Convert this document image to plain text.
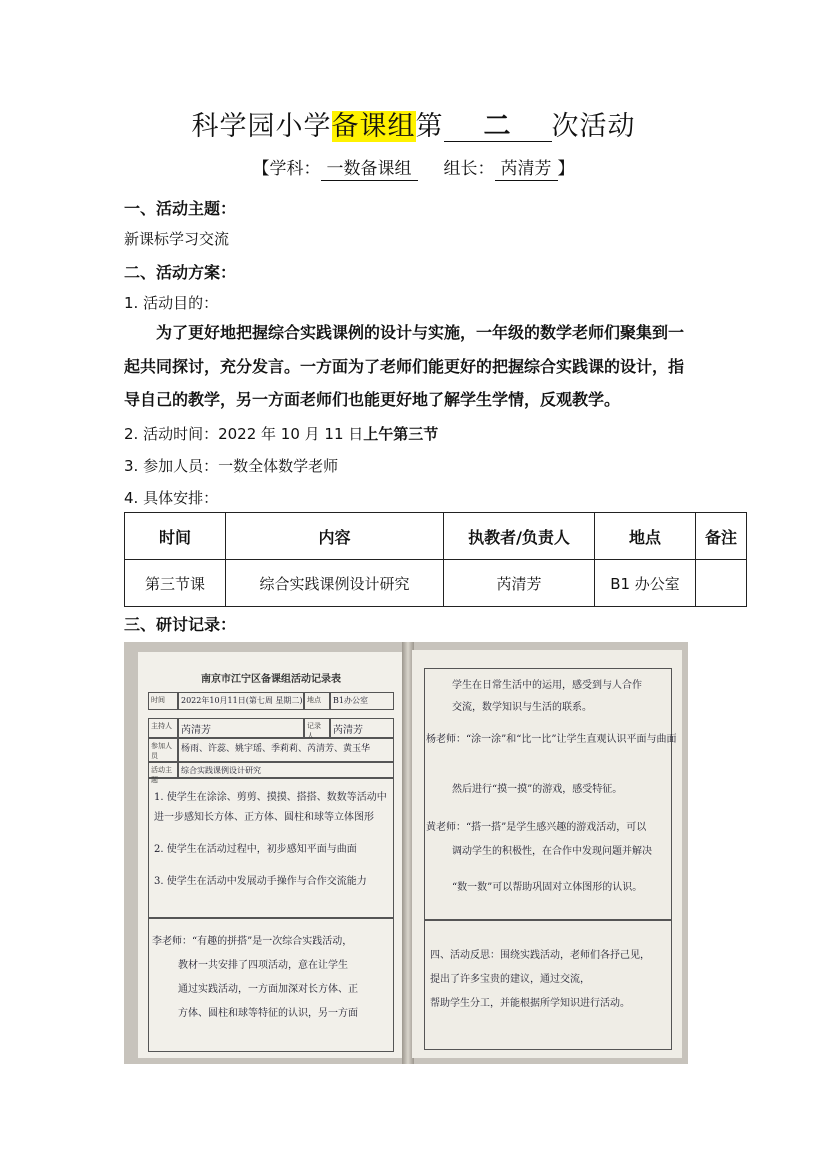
科学园小学备课组第 二 次活动
【学科： 一数备课组 组长： 芮清芳 】
一、活动主题：
新课标学习交流
二、活动方案：
1. 活动目的：

为了更好地把握综合实践课例的设计与实施，一年级的数学老师们聚集到一

起共同探讨，充分发言。一方面为了老师们能更好的把握综合实践课的设计，指

导自己的教学，另一方面老师们也能更好地了解学生学情，反观教学。

2. 活动时间：2022 年 10 月 11 日上午第三节
3. 参加人员：一数全体数学老师
4. 具体安排：
时间	内容	执教者/负责人	地点	备注
第三节课	综合实践课例设计研究	芮清芳	B1 办公室	
三、研讨记录：
南京市江宁区备课组活动记录表
时间	2022年10月11日(第七周 星期二) 地点	B1办公室
主持人 芮清芳	记录人	芮清芳
参加人员
杨雨、许蕊、姚宇瑶、季莉莉、芮清芳、黄玉华
活动主题
综合实践课例设计研究
1. 使学生在涂涂、剪剪、摸摸、搭搭、数数等活动中
进一步感知长方体、正方体、圆柱和球等立体图形
2. 使学生在活动过程中，初步感知平面与曲面
3. 使学生在活动中发展动手操作与合作交流能力
李老师：“有趣的拼搭”是一次综合实践活动，
教材一共安排了四项活动，意在让学生
通过实践活动，一方面加深对长方体、正
方体、圆柱和球等特征的认识，另一方面
学生在日常生活中的运用，感受到与人合作
交流，数学知识与生活的联系。
杨老师：“涂一涂”和“比一比”让学生直观认识平面与曲面
然后进行“摸一摸”的游戏，感受特征。
黄老师：“搭一搭”是学生感兴趣的游戏活动，可以
调动学生的积极性，在合作中发现问题并解决
“数一数”可以帮助巩固对立体图形的认识。
四、活动反思：围绕实践活动，老师们各抒己见，
提出了许多宝贵的建议，通过交流，
帮助学生分工，并能根据所学知识进行活动。
